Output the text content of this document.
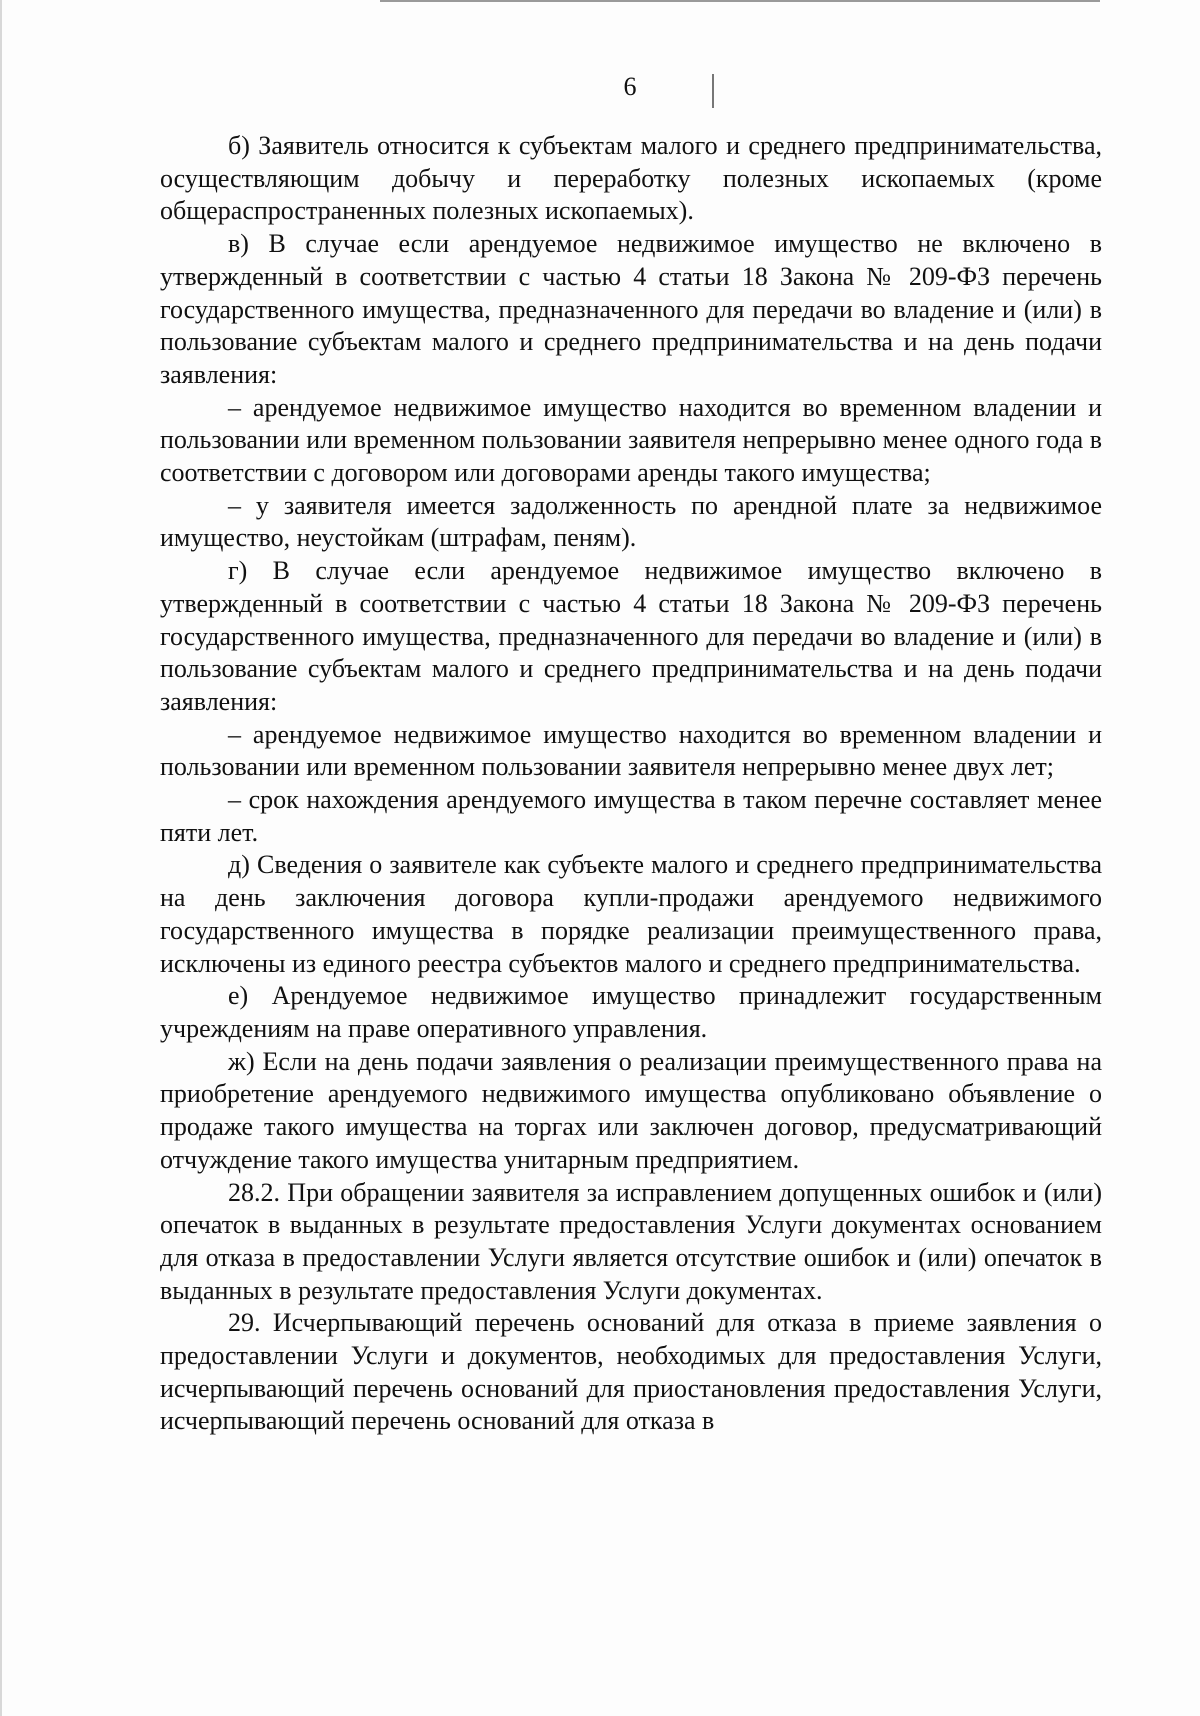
6

б) Заявитель относится к субъектам малого и среднего предпринимательства, осуществляющим добычу и переработку полезных ископаемых (кроме общераспространенных полезных ископаемых).

в) В случае если арендуемое недвижимое имущество не включено в утвержденный в соответствии с частью 4 статьи 18 Закона № 209-ФЗ перечень государственного имущества, предназначенного для передачи во владение и (или) в пользование субъектам малого и среднего предпринимательства и на день подачи заявления:

– арендуемое недвижимое имущество находится во временном владении и пользовании или временном пользовании заявителя непрерывно менее одного года в соответствии с договором или договорами аренды такого имущества;

– у заявителя имеется задолженность по арендной плате за недвижимое имущество, неустойкам (штрафам, пеням).

г) В случае если арендуемое недвижимое имущество включено в утвержденный в соответствии с частью 4 статьи 18 Закона № 209-ФЗ перечень государственного имущества, предназначенного для передачи во владение и (или) в пользование субъектам малого и среднего предпринимательства и на день подачи заявления:

– арендуемое недвижимое имущество находится во временном владении и пользовании или временном пользовании заявителя непрерывно менее двух лет;

– срок нахождения арендуемого имущества в таком перечне составляет менее пяти лет.

д) Сведения о заявителе как субъекте малого и среднего предпринимательства на день заключения договора купли-продажи арендуемого недвижимого государственного имущества в порядке реализации преимущественного права, исключены из единого реестра субъектов малого и среднего предпринимательства.

е) Арендуемое недвижимое имущество принадлежит государственным учреждениям на праве оперативного управления.

ж) Если на день подачи заявления о реализации преимущественного права на приобретение арендуемого недвижимого имущества опубликовано объявление о продаже такого имущества на торгах или заключен договор, предусматривающий отчуждение такого имущества унитарным предприятием.

28.2. При обращении заявителя за исправлением допущенных ошибок и (или) опечаток в выданных в результате предоставления Услуги документах основанием для отказа в предоставлении Услуги является отсутствие ошибок и (или) опечаток в выданных в результате предоставления Услуги документах.

29. Исчерпывающий перечень оснований для отказа в приеме заявления о предоставлении Услуги и документов, необходимых для предоставления Услуги, исчерпывающий перечень оснований для приостановления предоставления Услуги, исчерпывающий перечень оснований для отказа в
